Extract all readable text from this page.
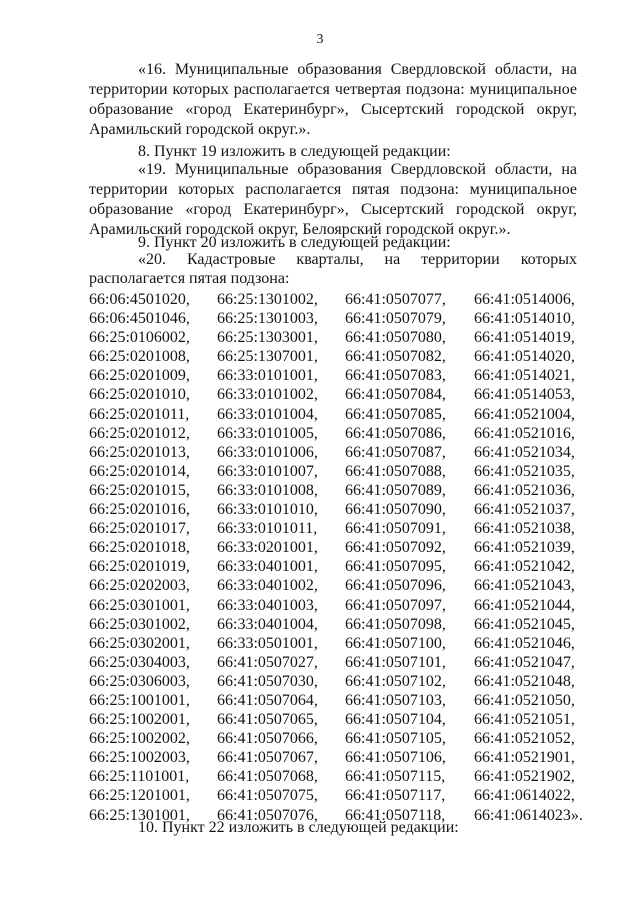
3
«16. Муниципальные образования Свердловской области, на территории которых располагается четвертая подзона: муниципальное образование «город Екатеринбург», Сысертский городской округ, Арамильский городской округ.».
8. Пункт 19 изложить в следующей редакции:
«19. Муниципальные образования Свердловской области, на территории которых располагается пятая подзона: муниципальное образование «город Екатеринбург», Сысертский городской округ, Арамильский городской округ, Белоярский городской округ.».
9. Пункт 20 изложить в следующей редакции:
«20. Кадастровые кварталы, на территории которых располагается пятая подзона:
66:06:4501020,	66:25:1301002,	66:41:0507077,	66:41:0514006,
66:06:4501046,	66:25:1301003,	66:41:0507079,	66:41:0514010,
66:25:0106002,	66:25:1303001,	66:41:0507080,	66:41:0514019,
66:25:0201008,	66:25:1307001,	66:41:0507082,	66:41:0514020,
66:25:0201009,	66:33:0101001,	66:41:0507083,	66:41:0514021,
66:25:0201010,	66:33:0101002,	66:41:0507084,	66:41:0514053,
66:25:0201011,	66:33:0101004,	66:41:0507085,	66:41:0521004,
66:25:0201012,	66:33:0101005,	66:41:0507086,	66:41:0521016,
66:25:0201013,	66:33:0101006,	66:41:0507087,	66:41:0521034,
66:25:0201014,	66:33:0101007,	66:41:0507088,	66:41:0521035,
66:25:0201015,	66:33:0101008,	66:41:0507089,	66:41:0521036,
66:25:0201016,	66:33:0101010,	66:41:0507090,	66:41:0521037,
66:25:0201017,	66:33:0101011,	66:41:0507091,	66:41:0521038,
66:25:0201018,	66:33:0201001,	66:41:0507092,	66:41:0521039,
66:25:0201019,	66:33:0401001,	66:41:0507095,	66:41:0521042,
66:25:0202003,	66:33:0401002,	66:41:0507096,	66:41:0521043,
66:25:0301001,	66:33:0401003,	66:41:0507097,	66:41:0521044,
66:25:0301002,	66:33:0401004,	66:41:0507098,	66:41:0521045,
66:25:0302001,	66:33:0501001,	66:41:0507100,	66:41:0521046,
66:25:0304003,	66:41:0507027,	66:41:0507101,	66:41:0521047,
66:25:0306003,	66:41:0507030,	66:41:0507102,	66:41:0521048,
66:25:1001001,	66:41:0507064,	66:41:0507103,	66:41:0521050,
66:25:1002001,	66:41:0507065,	66:41:0507104,	66:41:0521051,
66:25:1002002,	66:41:0507066,	66:41:0507105,	66:41:0521052,
66:25:1002003,	66:41:0507067,	66:41:0507106,	66:41:0521901,
66:25:1101001,	66:41:0507068,	66:41:0507115,	66:41:0521902,
66:25:1201001,	66:41:0507075,	66:41:0507117,	66:41:0614022,
66:25:1301001,	66:41:0507076,	66:41:0507118,	66:41:0614023».
10. Пункт 22 изложить в следующей редакции:
